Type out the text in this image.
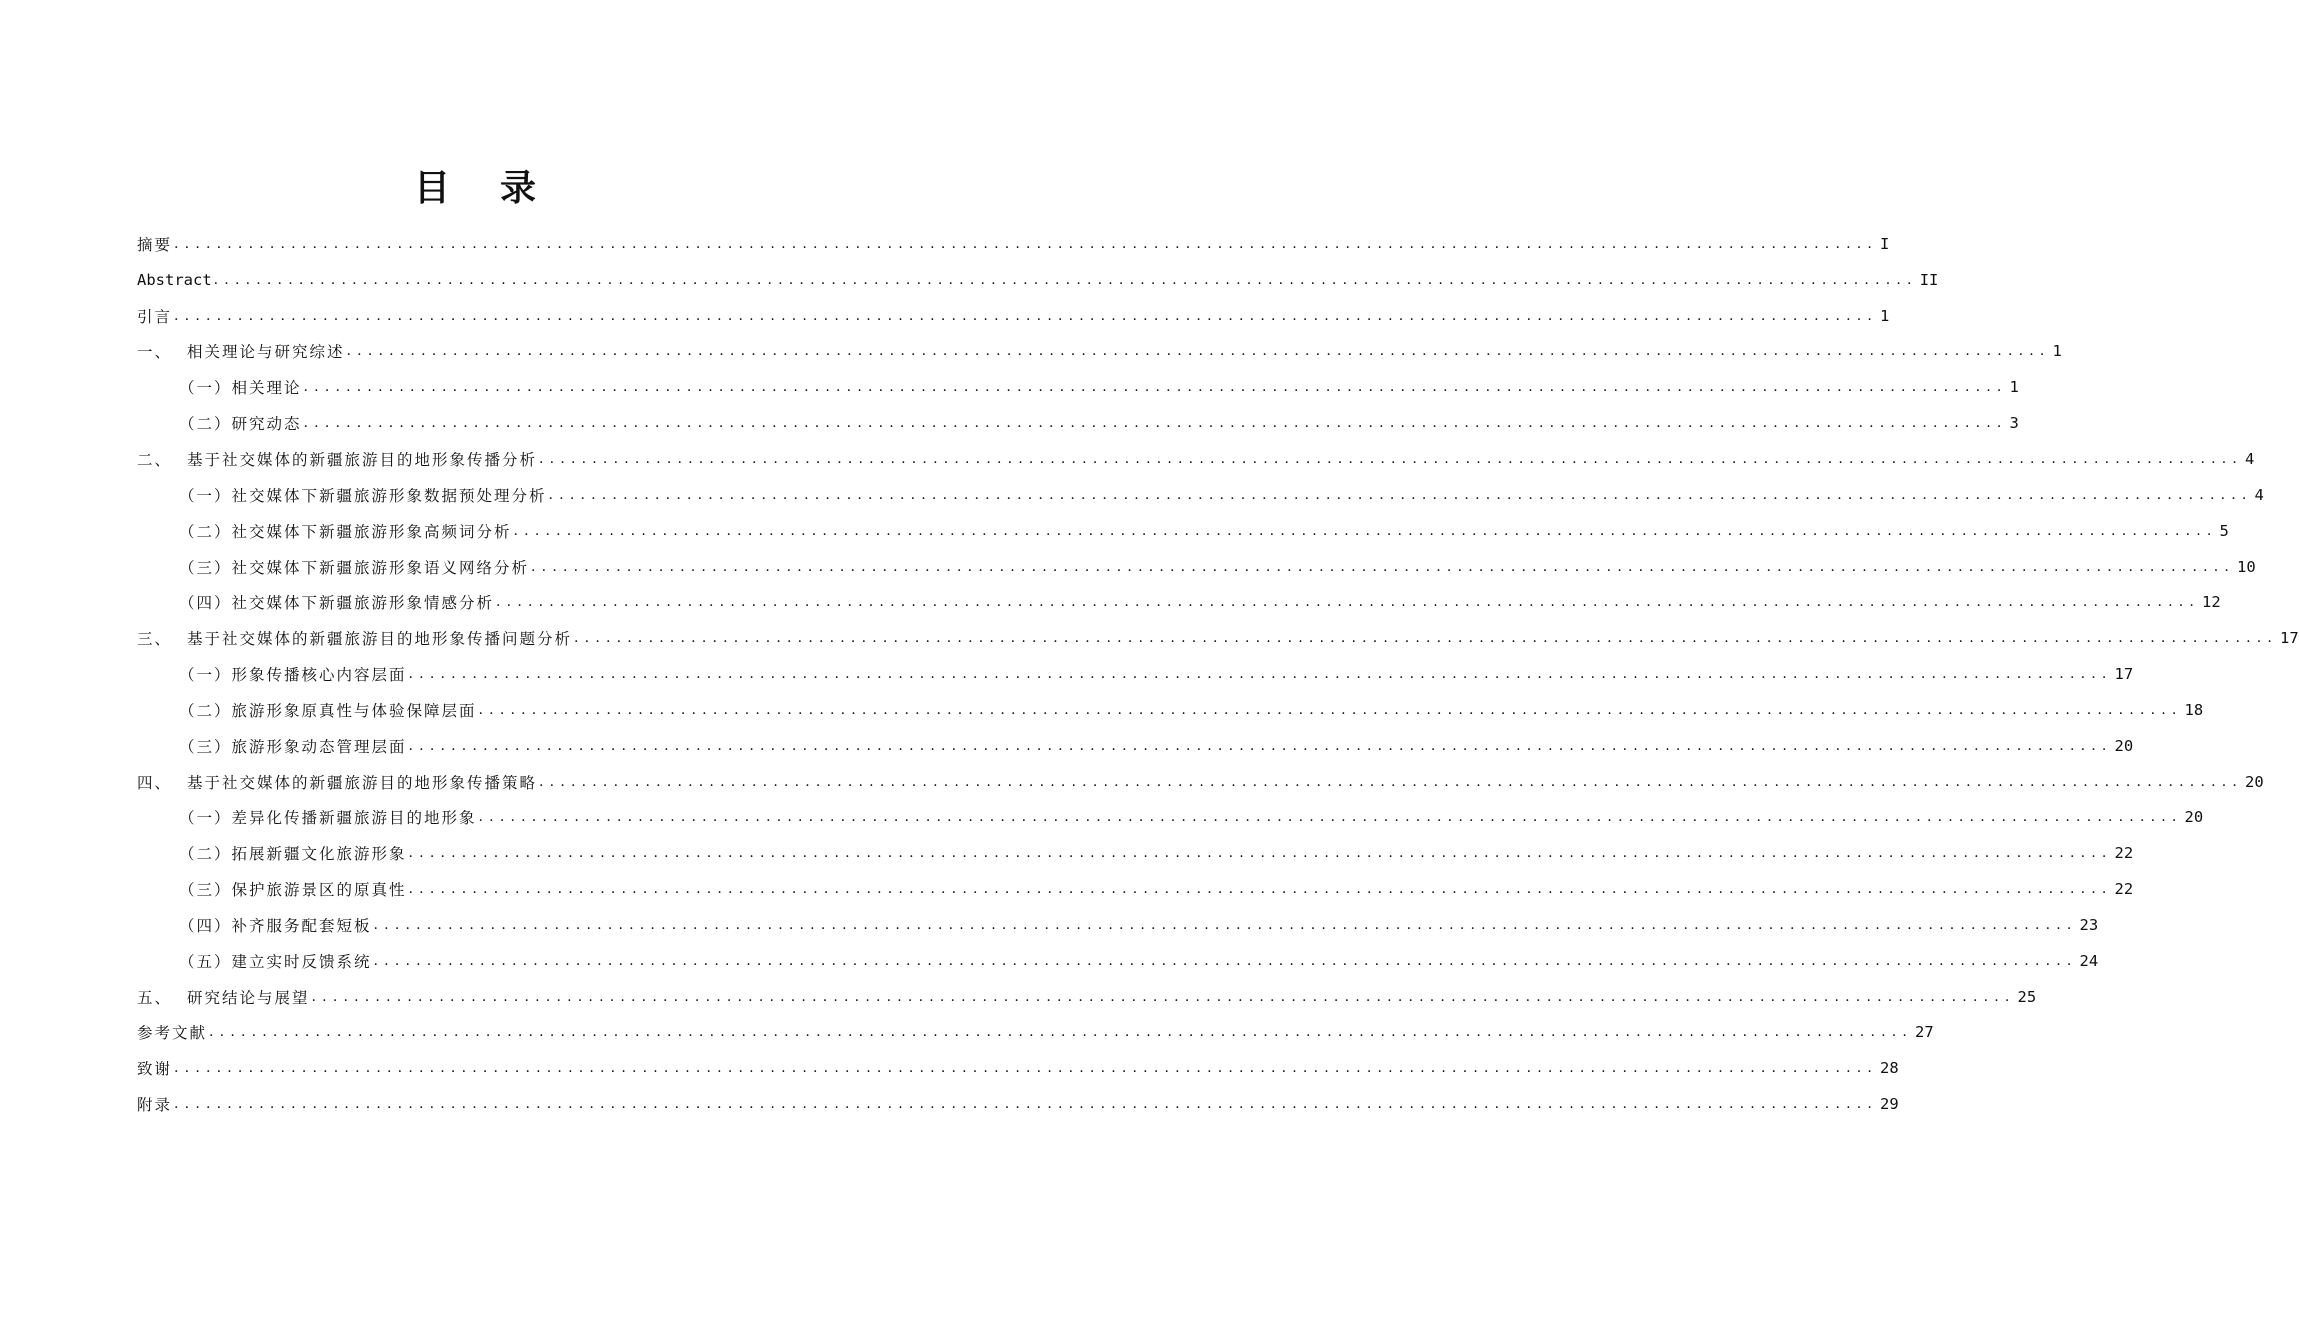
目 录
摘要 ................................................................................................................................................................ I
Abstract ................................................................................................................................................................ II
引言 ................................................................................................................................................................ 1
一、 相关理论与研究综述 ................................................................................................................................................................ 1
（一）相关理论 ................................................................................................................................................................ 1
（二）研究动态 ................................................................................................................................................................ 3
二、 基于社交媒体的新疆旅游目的地形象传播分析 ................................................................................................................................................................ 4
（一）社交媒体下新疆旅游形象数据预处理分析 ................................................................................................................................................................ 4
（二）社交媒体下新疆旅游形象高频词分析 ................................................................................................................................................................ 5
（三）社交媒体下新疆旅游形象语义网络分析 ................................................................................................................................................................ 10
（四）社交媒体下新疆旅游形象情感分析 ................................................................................................................................................................ 12
三、 基于社交媒体的新疆旅游目的地形象传播问题分析 ................................................................................................................................................................ 17
（一）形象传播核心内容层面 ................................................................................................................................................................ 17
（二）旅游形象原真性与体验保障层面 ................................................................................................................................................................ 18
（三）旅游形象动态管理层面 ................................................................................................................................................................ 20
四、 基于社交媒体的新疆旅游目的地形象传播策略 ................................................................................................................................................................ 20
（一）差异化传播新疆旅游目的地形象 ................................................................................................................................................................ 20
（二）拓展新疆文化旅游形象 ................................................................................................................................................................ 22
（三）保护旅游景区的原真性 ................................................................................................................................................................ 22
（四）补齐服务配套短板 ................................................................................................................................................................ 23
（五）建立实时反馈系统 ................................................................................................................................................................ 24
五、 研究结论与展望 ................................................................................................................................................................ 25
参考文献 ................................................................................................................................................................ 27
致谢 ................................................................................................................................................................ 28
附录 ................................................................................................................................................................ 29
